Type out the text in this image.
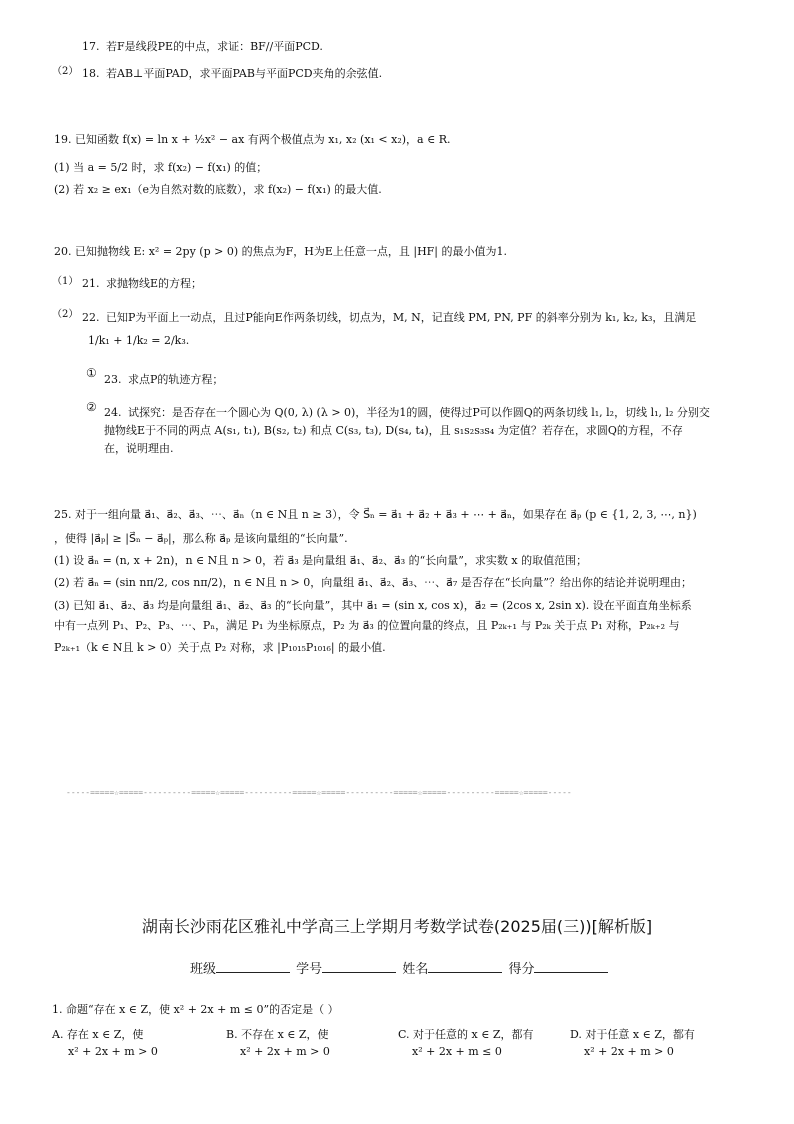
17. 若F是线段PE的中点，求证：BF//平面PCD.
（2） 18. 若AB⊥平面PAD，求平面PAB与平面PCD夹角的余弦值.
19. 已知函数 f(x) = ln x + ½x² − ax 有两个极值点为 x₁, x₂ (x₁ < x₂)，a ∈ R.
(1) 当 a = 5/2 时，求 f(x₂) − f(x₁) 的值；
(2) 若 x₂ ≥ ex₁（e为自然对数的底数），求 f(x₂) − f(x₁) 的最大值.
20. 已知抛物线 E: x² = 2py (p > 0) 的焦点为F，H为E上任意一点，且 |HF| 的最小值为1.
（1） 21. 求抛物线E的方程；
（2） 22. 已知P为平面上一动点，且过P能向E作两条切线，切点为，M, N，记直线 PM, PN, PF 的斜率分别为 k₁, k₂, k₃，且满足
1/k₁ + 1/k₂ = 2/k₃.
① 23. 求点P的轨迹方程；
② 24. 试探究：是否存在一个圆心为 Q(0, λ) (λ > 0)，半径为1的圆，使得过P可以作圆Q的两条切线 l₁, l₂，切线 l₁, l₂ 分别交
抛物线E于不同的两点 A(s₁, t₁), B(s₂, t₂) 和点 C(s₃, t₃), D(s₄, t₄)，且 s₁s₂s₃s₄ 为定值？若存在，求圆Q的方程，不存
在，说明理由.
25. 对于一组向量 a⃗₁、a⃗₂、a⃗₃、⋯、a⃗ₙ（n ∈ N且 n ≥ 3），令 S⃗ₙ = a⃗₁ + a⃗₂ + a⃗₃ + ⋯ + a⃗ₙ，如果存在 a⃗ₚ (p ∈ {1, 2, 3, ⋯, n})
，使得 |a⃗ₚ| ≥ |S⃗ₙ − a⃗ₚ|，那么称 a⃗ₚ 是该向量组的“长向量”.
(1) 设 a⃗ₙ = (n, x + 2n)，n ∈ N且 n > 0，若 a⃗₃ 是向量组 a⃗₁、a⃗₂、a⃗₃ 的“长向量”，求实数 x 的取值范围；
(2) 若 a⃗ₙ = (sin nπ/2, cos nπ/2)，n ∈ N且 n > 0，向量组 a⃗₁、a⃗₂、a⃗₃、⋯、a⃗₇ 是否存在“长向量”？给出你的结论并说明理由；
(3) 已知 a⃗₁、a⃗₂、a⃗₃ 均是向量组 a⃗₁、a⃗₂、a⃗₃ 的“长向量”，其中 a⃗₁ = (sin x, cos x)，a⃗₂ = (2cos x, 2sin x). 设在平面直角坐标系
中有一点列 P₁、P₂、P₃、⋯、Pₙ，满足 P₁ 为坐标原点，P₂ 为 a⃗₃ 的位置向量的终点，且 P₂ₖ₊₁ 与 P₂ₖ 关于点 P₁ 对称，P₂ₖ₊₂ 与
P₂ₖ₊₁（k ∈ N且 k > 0）关于点 P₂ 对称，求 |P₁₀₁₅P₁₀₁₆| 的最小值.
-----=====☆=====----------=====☆=====----------=====☆=====----------=====☆=====----------=====☆=====-----
湖南长沙雨花区雅礼中学高三上学期月考数学试卷(2025届(三))[解析版]
班级	学号	姓名	得分
1. 命题“存在 x ∈ Z，使 x² + 2x + m ≤ 0”的否定是（ ）
A. 存在 x ∈ Z，使
x² + 2x + m > 0
B. 不存在 x ∈ Z，使
x² + 2x + m > 0
C. 对于任意的 x ∈ Z，都有
x² + 2x + m ≤ 0
D. 对于任意 x ∈ Z，都有
x² + 2x + m > 0
